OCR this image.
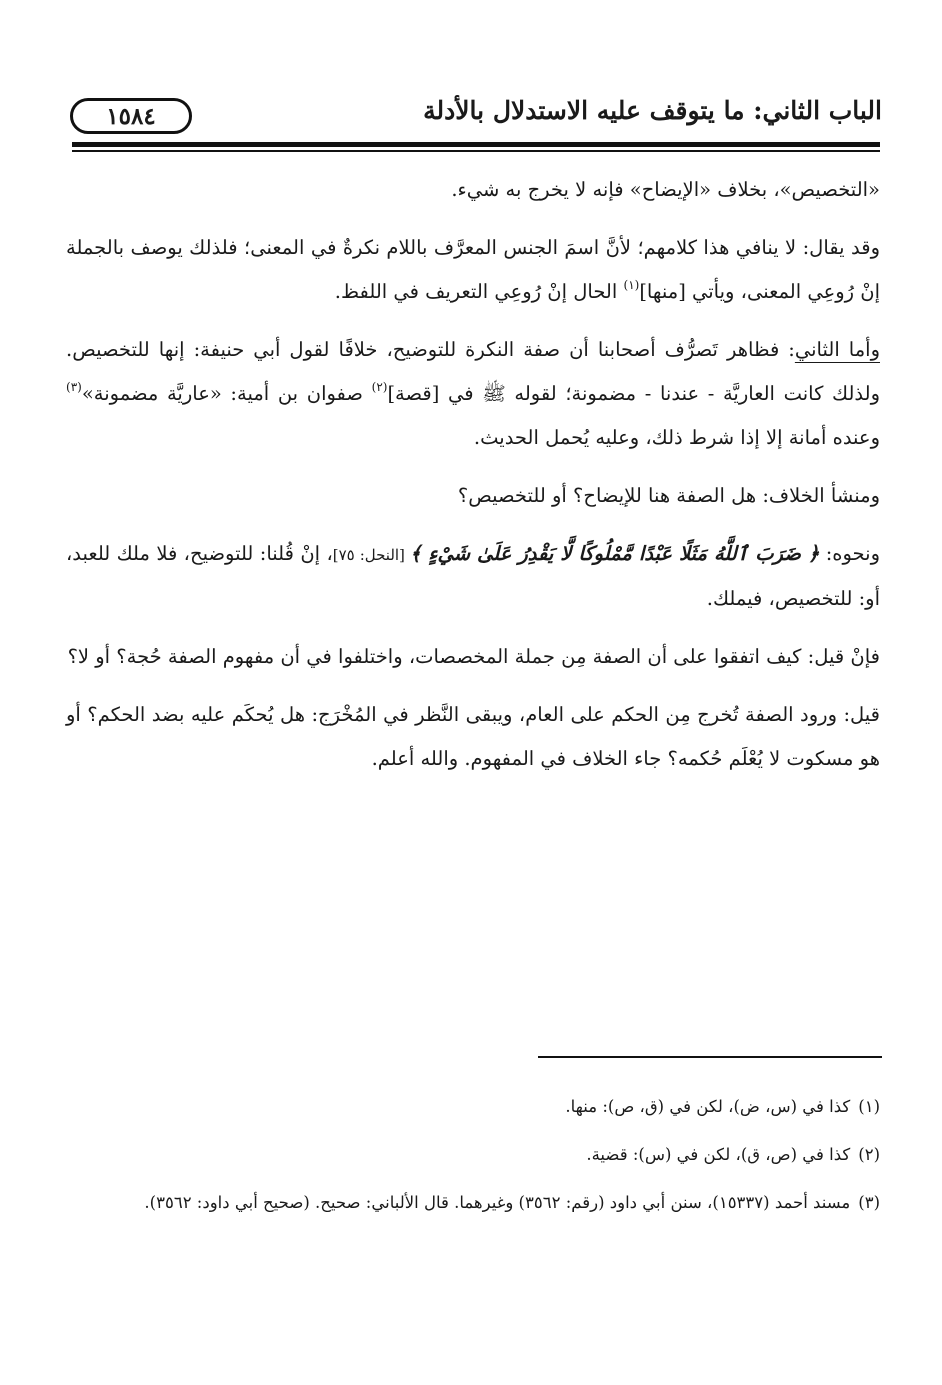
الباب الثاني: ما يتوقف عليه الاستدلال بالأدلة
١٥٨٤

«التخصيص»، بخلاف «الإيضاح» فإنه لا يخرج به شيء.

وقد يقال: لا ينافي هذا كلامهم؛ لأنَّ اسمَ الجنس المعرَّف باللام نكرةٌ في المعنى؛ فلذلك يوصف بالجملة إنْ رُوعِي المعنى، ويأتي [منها]$^{(١)}$ الحال إنْ رُوعِي التعريف في اللفظ.

وأما الثاني: فظاهر تَصرُّف أصحابنا أن صفة النكرة للتوضيح، خلافًا لقول أبي حنيفة: إنها للتخصيص. ولذلك كانت العاريَّة - عندنا - مضمونة؛ لقوله ﷺ في [قصة]$^{(٢)}$ صفوان بن أمية: «عاريَّة مضمونة»$^{(٣)}$ وعنده أمانة إلا إذا شرط ذلك، وعليه يُحمل الحديث.

ومنشأ الخلاف: هل الصفة هنا للإيضاح؟ أو للتخصيص؟

ونحوه: ﴿ ضَرَبَ ٱللَّهُ مَثَلًا عَبْدًا مَّمْلُوكًا لَّا يَقْدِرُ عَلَىٰ شَيْءٍ ﴾ [النحل: ٧٥]، إنْ قُلنا: للتوضيح، فلا ملك للعبد، أو: للتخصيص، فيملك.

فإنْ قيل: كيف اتفقوا على أن الصفة مِن جملة المخصصات، واختلفوا في أن مفهوم الصفة حُجة؟ أو لا؟

قيل: ورود الصفة تُخرج مِن الحكم على العام، ويبقى النَّظر في المُخْرَج: هل يُحكَم عليه بضد الحكم؟ أو هو مسكوت لا يُعْلَم حُكمه؟ جاء الخلاف في المفهوم. والله أعلم.

(١)كذا في (س، ض)، لكن في (ق، ص): منها.

(٢)كذا في (ص، ق)، لكن في (س): قضية.

(٣)مسند أحمد (١٥٣٣٧)، سنن أبي داود (رقم: ٣٥٦٢) وغيرهما. قال الألباني: صحيح. (صحيح أبي داود: ٣٥٦٢).
